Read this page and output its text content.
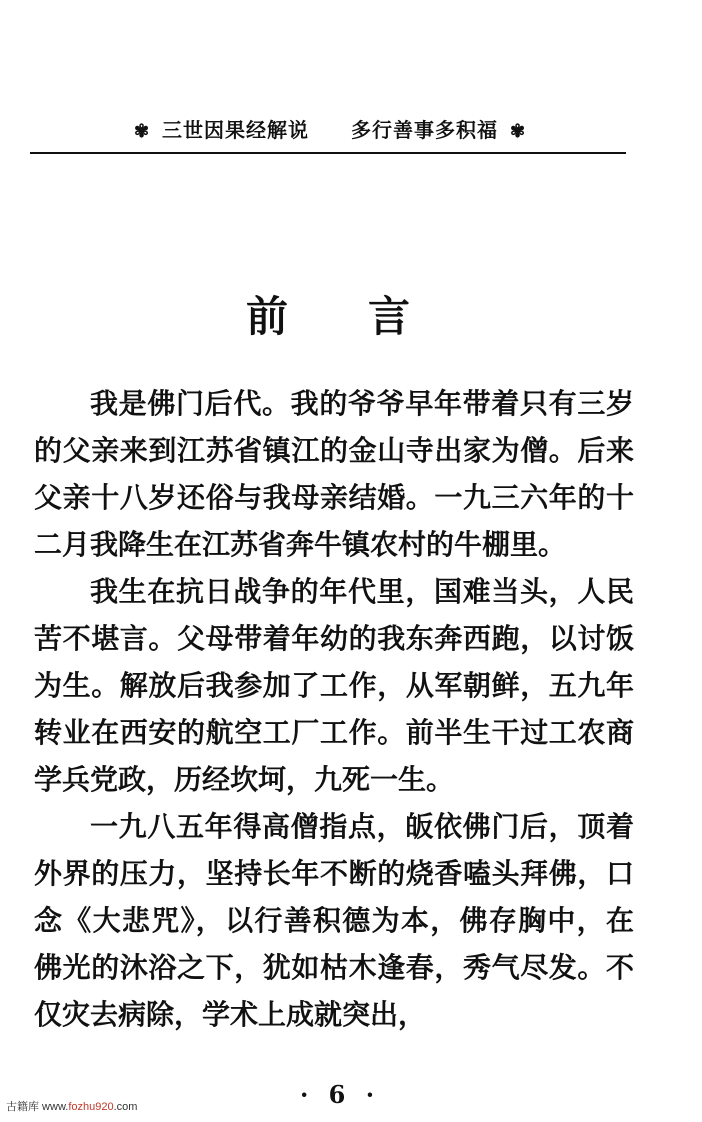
✾ 三世因果经解说 多行善事多积福 ✾
前言

我是佛门后代。我的爷爷早年带着只有三岁的父亲来到江苏省镇江的金山寺出家为僧。后来父亲十八岁还俗与我母亲结婚。一九三六年的十二月我降生在江苏省奔牛镇农村的牛棚里。

我生在抗日战争的年代里，国难当头，人民苦不堪言。父母带着年幼的我东奔西跑，以讨饭为生。解放后我参加了工作，从军朝鲜，五九年转业在西安的航空工厂工作。前半生干过工农商学兵党政，历经坎坷，九死一生。

一九八五年得高僧指点，皈依佛门后，顶着外界的压力，坚持长年不断的烧香嗑头拜佛，口念《大悲咒》，以行善积德为本，佛存胸中，在佛光的沐浴之下，犹如枯木逢春，秀气尽发。不仅灾去病除，学术上成就突出，

· 6 ·
古籍库 www.fozhu920.com
